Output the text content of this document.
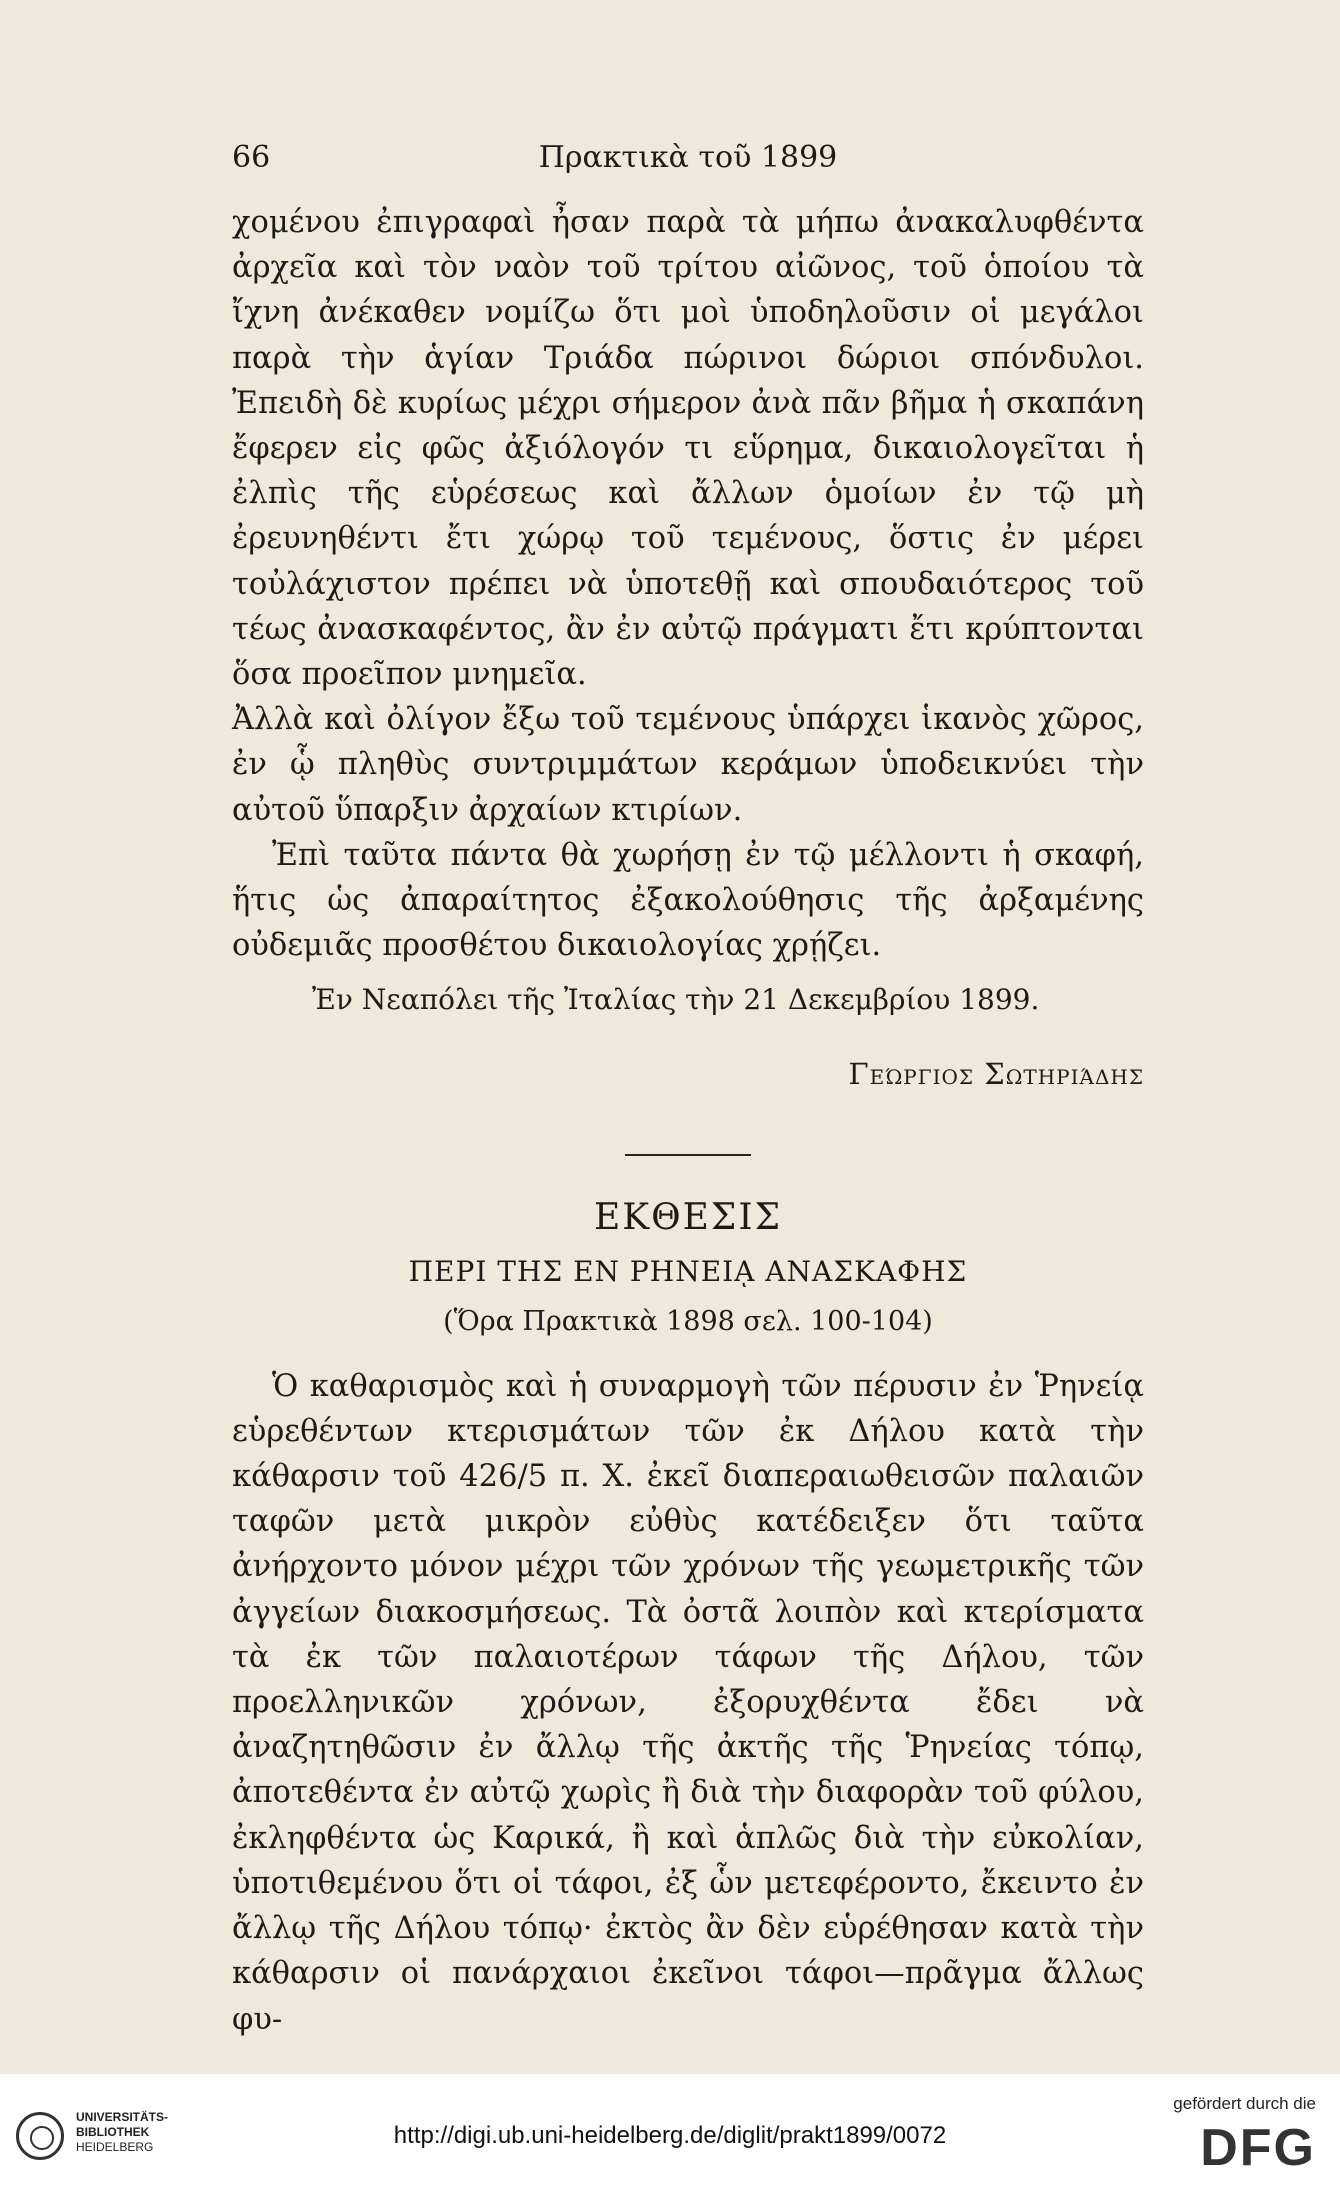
66	Πρακτικὰ τοῦ 1899

χομένου ἐπιγραφαὶ ἦσαν παρὰ τὰ μήπω ἀνακαλυφθέντα ἀρχεῖα καὶ τὸν ναὸν τοῦ τρίτου αἰῶνος, τοῦ ὁποίου τὰ ἴχνη ἀνέκαθεν νομίζω ὅτι μοὶ ὑποδηλοῦσιν οἱ μεγάλοι παρὰ τὴν ἁγίαν Τριάδα πώρινοι δώριοι σπόνδυλοι. Ἐπειδὴ δὲ κυρίως μέχρι σήμερον ἀνὰ πᾶν βῆμα ἡ σκαπάνη ἔφερεν εἰς φῶς ἀξιόλογόν τι εὕρημα, δικαιολογεῖται ἡ ἐλπὶς τῆς εὑρέσεως καὶ ἄλλων ὁμοίων ἐν τῷ μὴ ἐρευνηθέντι ἔτι χώρῳ τοῦ τεμένους, ὅστις ἐν μέρει τοὐλάχιστον πρέπει νὰ ὑποτεθῇ καὶ σπουδαιότερος τοῦ τέως ἀνασκαφέντος, ἂν ἐν αὐτῷ πράγματι ἔτι κρύπτονται ὅσα προεῖπον μνημεῖα.

Ἀλλὰ καὶ ὀλίγον ἔξω τοῦ τεμένους ὑπάρχει ἱκανὸς χῶρος, ἐν ᾧ πληθὺς συντριμμάτων κεράμων ὑποδεικνύει τὴν αὐτοῦ ὕπαρξιν ἀρχαίων κτιρίων.

Ἐπὶ ταῦτα πάντα θὰ χωρήσῃ ἐν τῷ μέλλοντι ἡ σκαφή, ἥτις ὡς ἀπαραίτητος ἐξακολούθησις τῆς ἀρξαμένης οὐδεμιᾶς προσθέτου δικαιολογίας χρῄζει.

Ἐν Νεαπόλει τῆς Ἰταλίας τὴν 21 Δεκεμβρίου 1899.
Γεώργιος Σωτηριάδης
ΕΚΘΕΣΙΣ
ΠΕΡΙ ΤΗΣ ΕΝ ΡΗΝΕΙᾼ ΑΝΑΣΚΑΦΗΣ
(Ὅρα Πρακτικὰ 1898 σελ. 100-104)

Ὁ καθαρισμὸς καὶ ἡ συναρμογὴ τῶν πέρυσιν ἐν Ῥηνείᾳ εὑρεθέντων κτερισμάτων τῶν ἐκ Δήλου κατὰ τὴν κάθαρσιν τοῦ 426/5 π. Χ. ἐκεῖ διαπεραιωθεισῶν παλαιῶν ταφῶν μετὰ μικρὸν εὐθὺς κατέδειξεν ὅτι ταῦτα ἀνήρχοντο μόνον μέχρι τῶν χρόνων τῆς γεωμετρικῆς τῶν ἀγγείων διακοσμήσεως. Τὰ ὀστᾶ λοιπὸν καὶ κτερίσματα τὰ ἐκ τῶν παλαιοτέρων τάφων τῆς Δήλου, τῶν προελληνικῶν χρόνων, ἐξορυχθέντα ἔδει νὰ ἀναζητηθῶσιν ἐν ἄλλῳ τῆς ἀκτῆς τῆς Ῥηνείας τόπῳ, ἀποτεθέντα ἐν αὐτῷ χωρὶς ἢ διὰ τὴν διαφορὰν τοῦ φύλου, ἐκληφθέντα ὡς Καρικά, ἢ καὶ ἁπλῶς διὰ τὴν εὐκολίαν, ὑποτιθεμένου ὅτι οἱ τάφοι, ἐξ ὧν μετεφέροντο, ἔκειντο ἐν ἄλλῳ τῆς Δήλου τόπῳ· ἐκτὸς ἂν δὲν εὑρέθησαν κατὰ τὴν κάθαρσιν οἱ πανάρχαιοι ἐκεῖνοι τάφοι—πρᾶγμα ἄλλως φυ-

UNIVERSITÄTS-
BIBLIOTHEK
HEIDELBERG	http://digi.ub.uni-heidelberg.de/diglit/prakt1899/0072
gefördert durch die
DFG
